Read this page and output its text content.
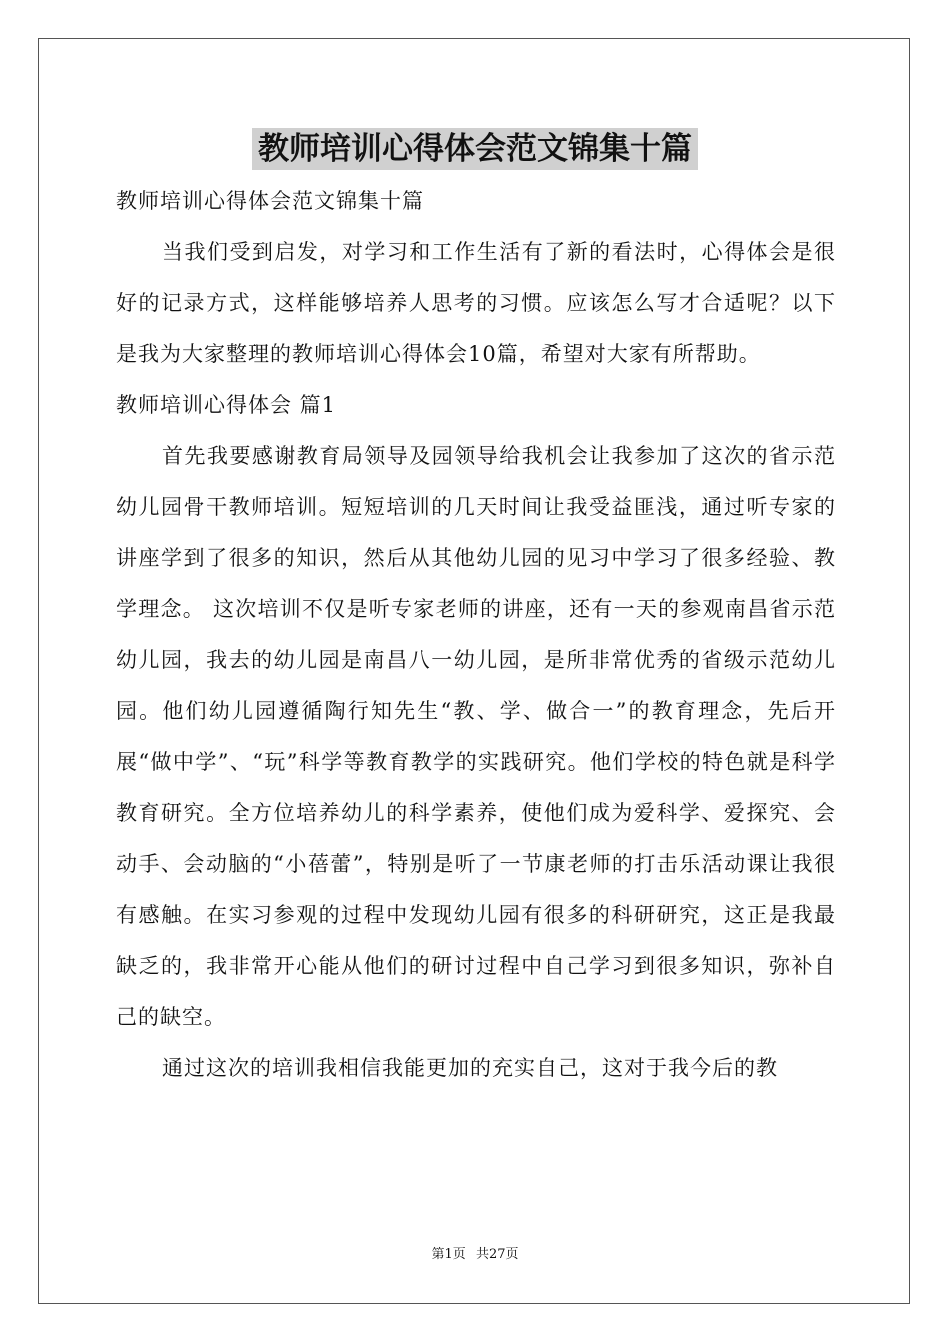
教师培训心得体会范文锦集十篇

教师培训心得体会范文锦集十篇

当我们受到启发，对学习和工作生活有了新的看法时，心得体会是很好的记录方式，这样能够培养人思考的习惯。应该怎么写才合适呢？以下是我为大家整理的教师培训心得体会10篇，希望对大家有所帮助。

教师培训心得体会 篇1

首先我要感谢教育局领导及园领导给我机会让我参加了这次的省示范幼儿园骨干教师培训。短短培训的几天时间让我受益匪浅，通过听专家的讲座学到了很多的知识，然后从其他幼儿园的见习中学习了很多经验、教学理念。 这次培训不仅是听专家老师的讲座，还有一天的参观南昌省示范幼儿园，我去的幼儿园是南昌八一幼儿园，是所非常优秀的省级示范幼儿园。他们幼儿园遵循陶行知先生“教、学、做合一”的教育理念，先后开展“做中学”、“玩”科学等教育教学的实践研究。他们学校的特色就是科学教育研究。全方位培养幼儿的科学素养，使他们成为爱科学、爱探究、会动手、会动脑的“小蓓蕾”，特别是听了一节康老师的打击乐活动课让我很有感触。在实习参观的过程中发现幼儿园有很多的科研研究，这正是我最缺乏的，我非常开心能从他们的研讨过程中自己学习到很多知识，弥补自己的缺空。

通过这次的培训我相信我能更加的充实自己，这对于我今后的教

第1页 共27页
